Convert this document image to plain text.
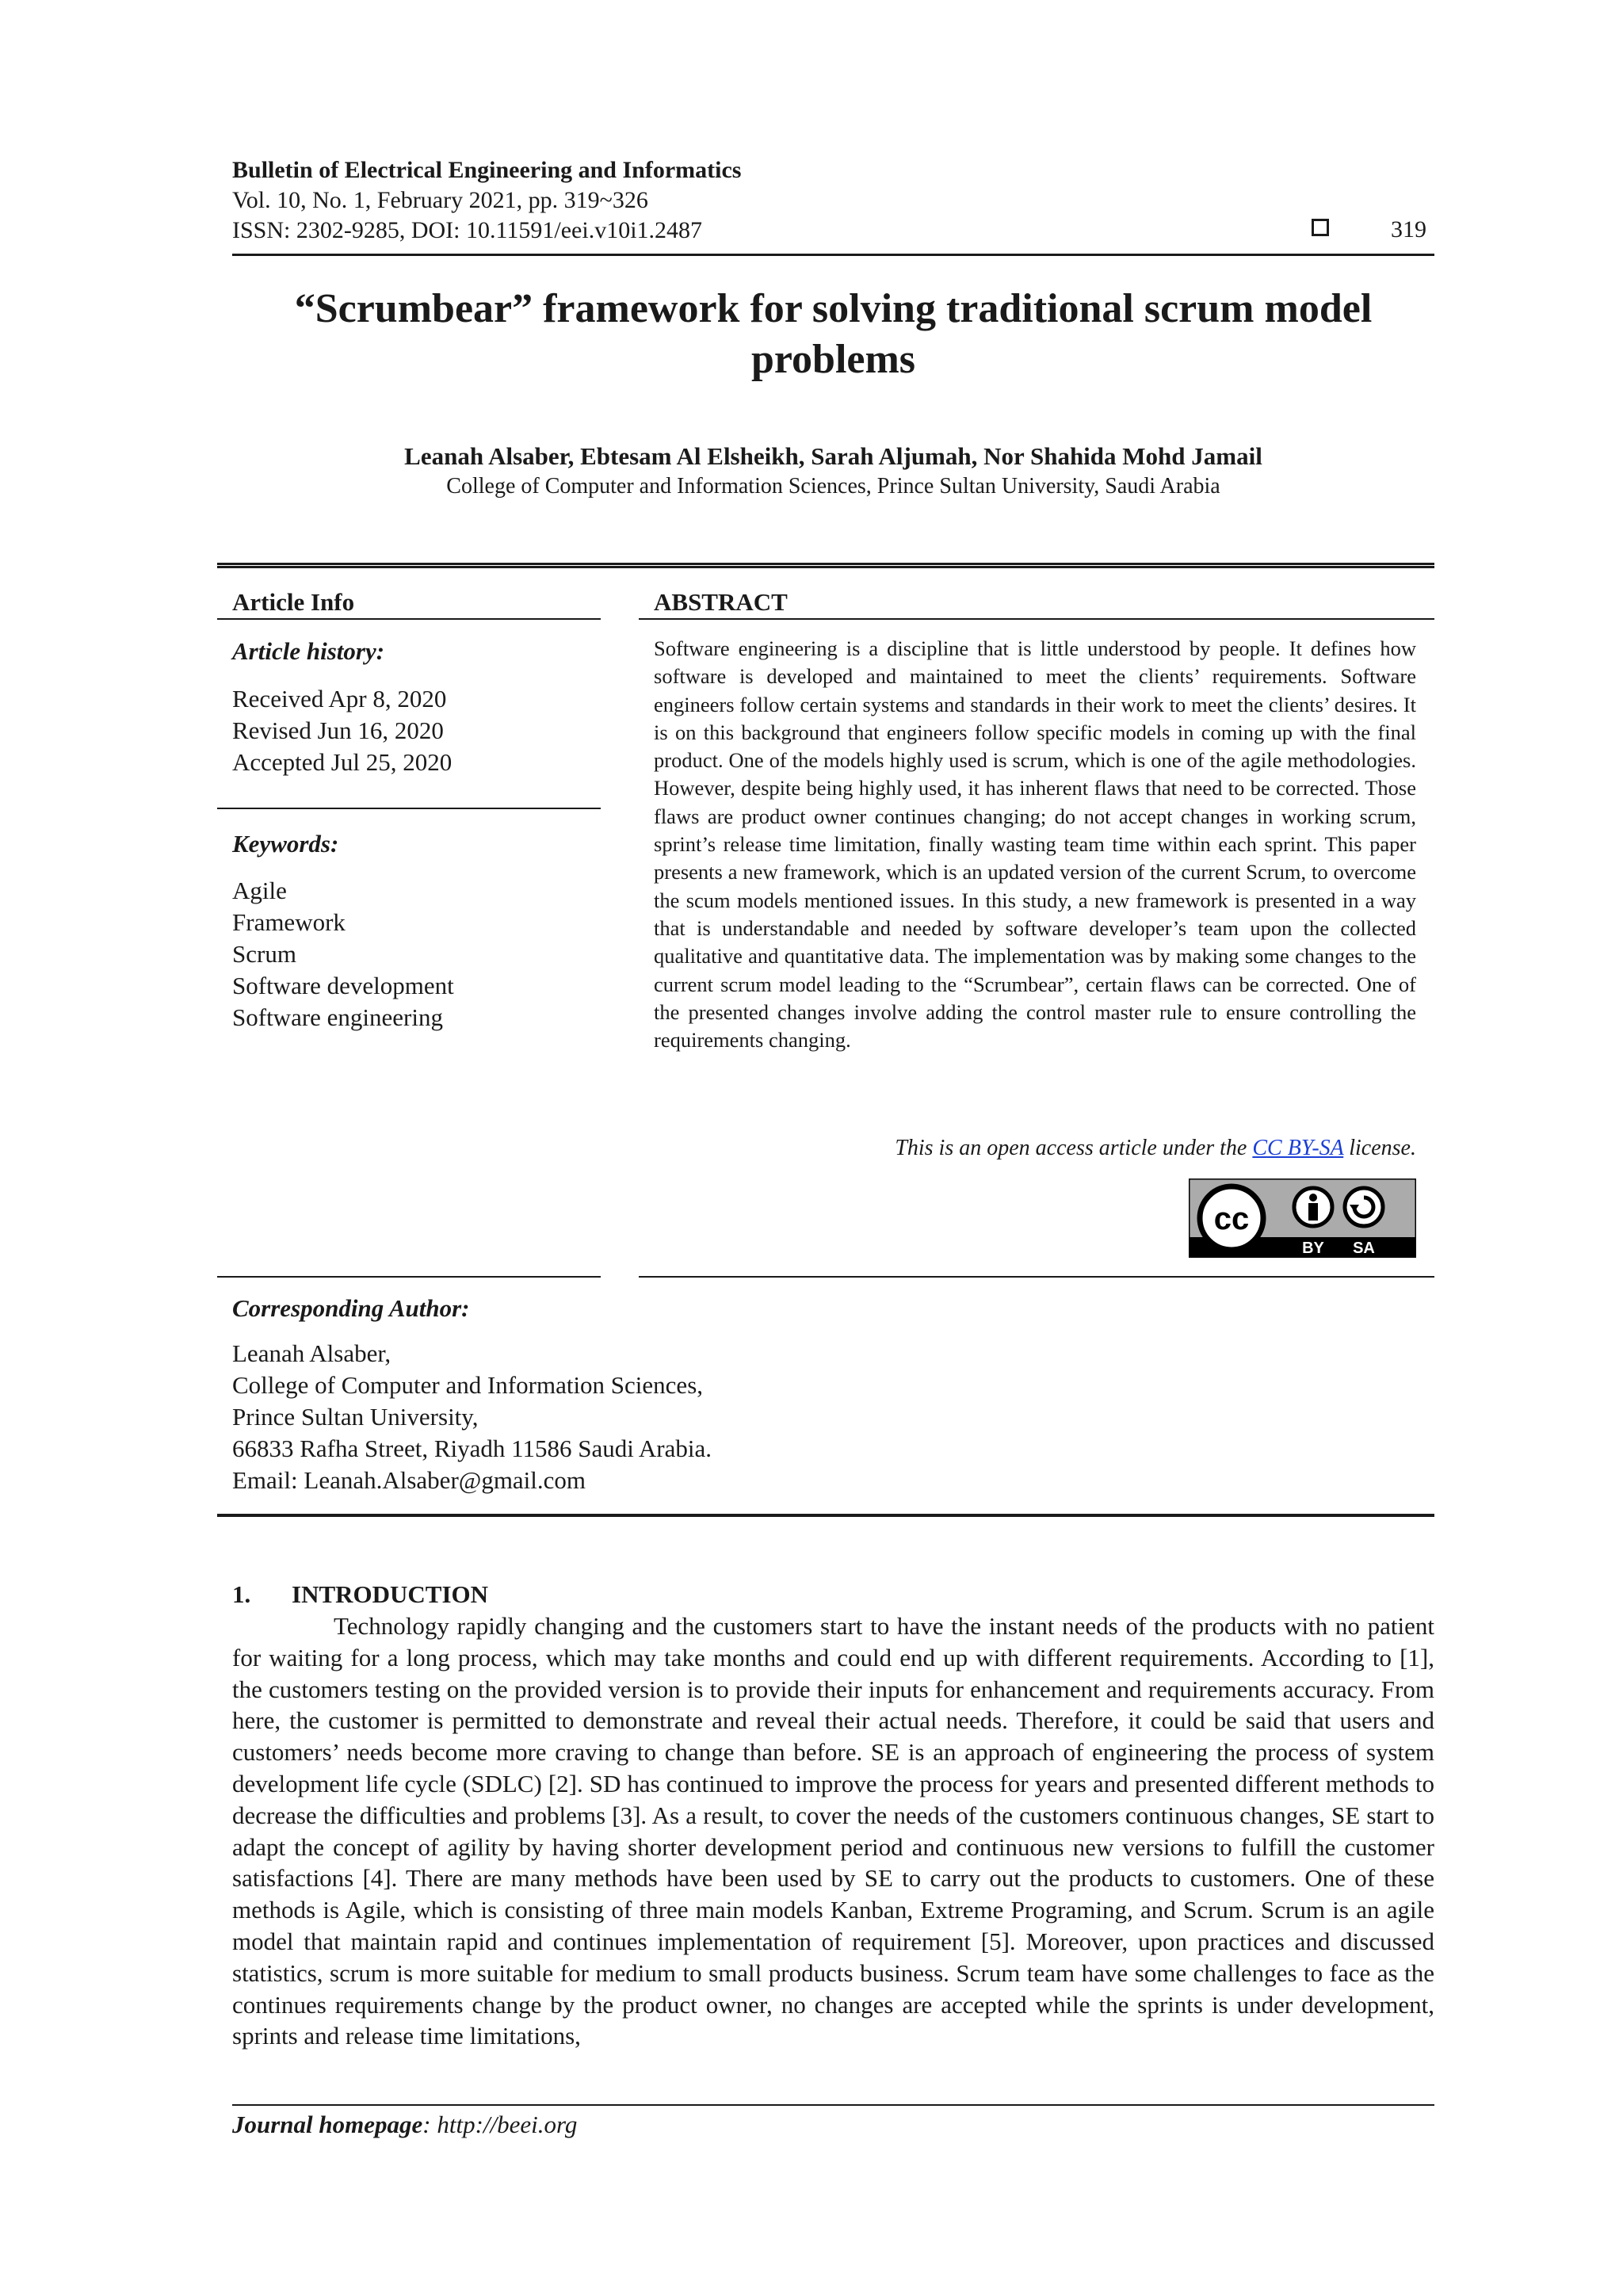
Bulletin of Electrical Engineering and Informatics
Vol. 10, No. 1, February 2021, pp. 319~326
ISSN: 2302-9285, DOI: 10.11591/eei.v10i1.2487	319
“Scrumbear” framework for solving traditional scrum model
problems
Leanah Alsaber, Ebtesam Al Elsheikh, Sarah Aljumah, Nor Shahida Mohd Jamail
College of Computer and Information Sciences, Prince Sultan University, Saudi Arabia
Article Info
Article history:
Received Apr 8, 2020
Revised Jun 16, 2020
Accepted Jul 25, 2020
Keywords:
Agile
Framework
Scrum
Software development
Software engineering
ABSTRACT
Software engineering is a discipline that is little understood by people. It defines how software is developed and maintained to meet the clients’ requirements. Software engineers follow certain systems and standards in their work to meet the clients’ desires. It is on this background that engineers follow specific models in coming up with the final product. One of the models highly used is scrum, which is one of the agile methodologies. However, despite being highly used, it has inherent flaws that need to be corrected. Those flaws are product owner continues changing; do not accept changes in working scrum, sprint’s release time limitation, finally wasting team time within each sprint. This paper presents a new framework, which is an updated version of the current Scrum, to overcome the scum models mentioned issues. In this study, a new framework is presented in a way that is understandable and needed by software developer’s team upon the collected qualitative and quantitative data. The implementation was by making some changes to the current scrum model leading to the “Scrumbear”, certain flaws can be corrected. One of the presented changes involve adding the control master rule to ensure controlling the requirements changing.
This is an open access article under the CC BY-SA license.
cc
BY SA
Corresponding Author:
Leanah Alsaber,
College of Computer and Information Sciences,
Prince Sultan University,
66833 Rafha Street, Riyadh 11586 Saudi Arabia.
Email: Leanah.Alsaber@gmail.com
1. INTRODUCTION
Technology rapidly changing and the customers start to have the instant needs of the products with no patient for waiting for a long process, which may take months and could end up with different requirements. According to [1], the customers testing on the provided version is to provide their inputs for enhancement and requirements accuracy. From here, the customer is permitted to demonstrate and reveal their actual needs. Therefore, it could be said that users and customers’ needs become more craving to change than before. SE is an approach of engineering the process of system development life cycle (SDLC) [2]. SD has continued to improve the process for years and presented different methods to decrease the difficulties and problems [3]. As a result, to cover the needs of the customers continuous changes, SE start to adapt the concept of agility by having shorter development period and continuous new versions to fulfill the customer satisfactions [4]. There are many methods have been used by SE to carry out the products to customers. One of these methods is Agile, which is consisting of three main models Kanban, Extreme Programing, and Scrum. Scrum is an agile model that maintain rapid and continues implementation of requirement [5]. Moreover, upon practices and discussed statistics, scrum is more suitable for medium to small products business. Scrum team have some challenges to face as the continues requirements change by the product owner, no changes are accepted while the sprints is under development, sprints and release time limitations,
Journal homepage: http://beei.org
